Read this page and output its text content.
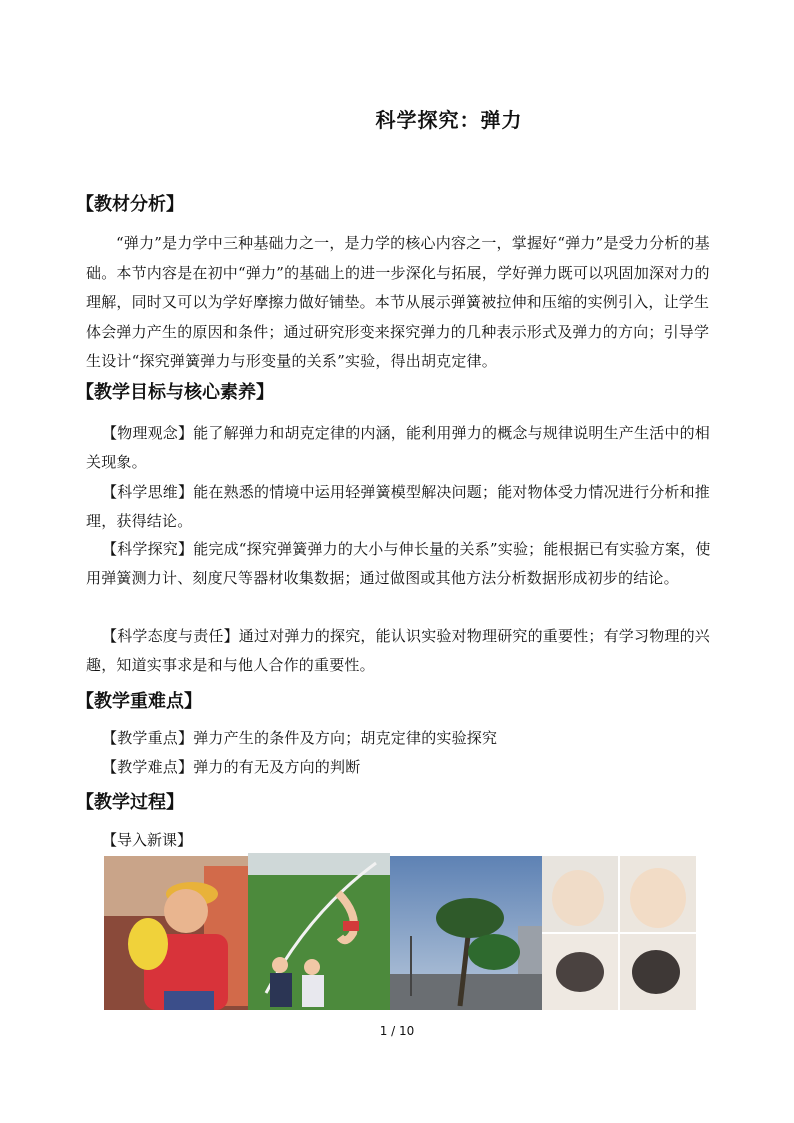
科学探究：弹力
【教材分析】

“弹力”是力学中三种基础力之一，是力学的核心内容之一，掌握好“弹力”是受力分析的基础。本节内容是在初中“弹力”的基础上的进一步深化与拓展，学好弹力既可以巩固加深对力的理解，同时又可以为学好摩擦力做好铺垫。本节从展示弹簧被拉伸和压缩的实例引入，让学生体会弹力产生的原因和条件；通过研究形变来探究弹力的几种表示形式及弹力的方向；引导学生设计“探究弹簧弹力与形变量的关系”实验，得出胡克定律。

【教学目标与核心素养】

【物理观念】能了解弹力和胡克定律的内涵，能利用弹力的概念与规律说明生产生活中的相关现象。

【科学思维】能在熟悉的情境中运用轻弹簧模型解决问题；能对物体受力情况进行分析和推理，获得结论。

【科学探究】能完成“探究弹簧弹力的大小与伸长量的关系”实验；能根据已有实验方案，使用弹簧测力计、刻度尺等器材收集数据；通过做图或其他方法分析数据形成初步的结论。

【科学态度与责任】通过对弹力的探究，能认识实验对物理研究的重要性；有学习物理的兴趣，知道实事求是和与他人合作的重要性。

【教学重难点】

【教学重点】弹力产生的条件及方向；胡克定律的实验探究

【教学难点】弹力的有无及方向的判断

【教学过程】
【导入新课】
1 / 10
